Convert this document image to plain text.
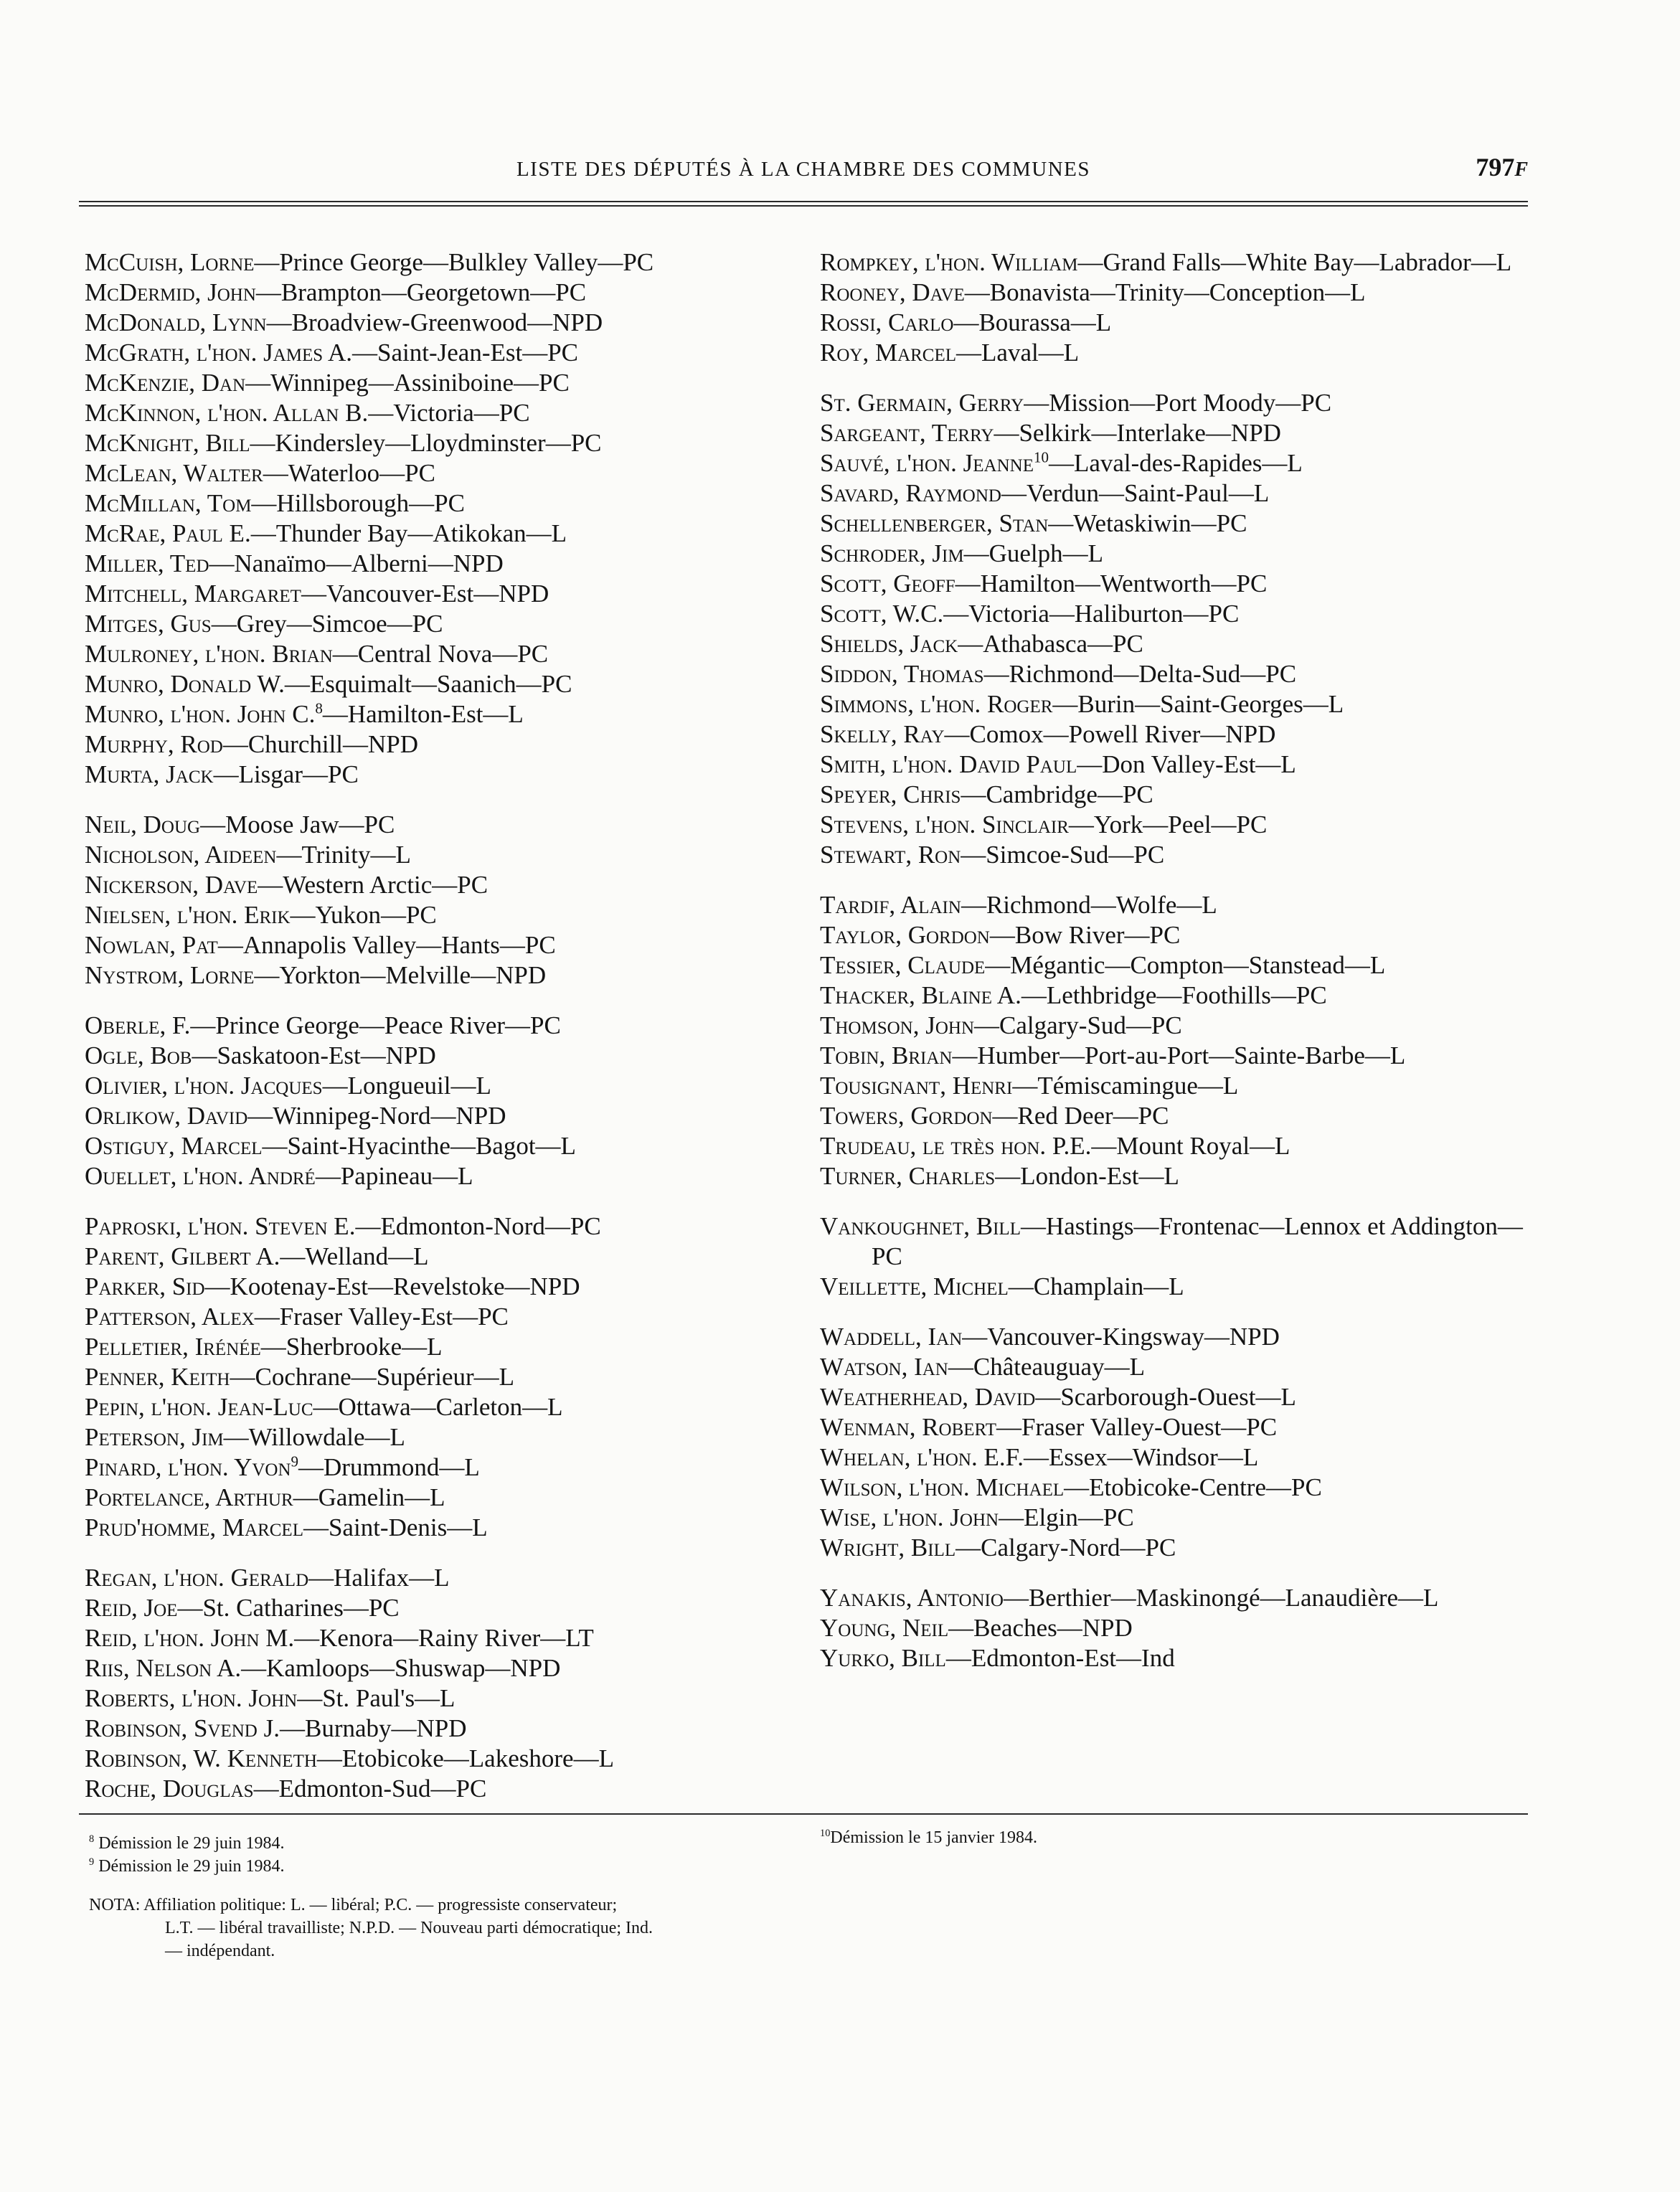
LISTE DES DÉPUTÉS À LA CHAMBRE DES COMMUNES	797F
McCuish, Lorne—Prince George—Bulkley Valley—PC
McDermid, John—Brampton—Georgetown—PC
McDonald, Lynn—Broadview-Greenwood—NPD
McGrath, l'hon. James A.—Saint-Jean-Est—PC
McKenzie, Dan—Winnipeg—Assiniboine—PC
McKinnon, l'hon. Allan B.—Victoria—PC
McKnight, Bill—Kindersley—Lloydminster—PC
McLean, Walter—Waterloo—PC
McMillan, Tom—Hillsborough—PC
McRae, Paul E.—Thunder Bay—Atikokan—L
Miller, Ted—Nanaïmo—Alberni—NPD
Mitchell, Margaret—Vancouver-Est—NPD
Mitges, Gus—Grey—Simcoe—PC
Mulroney, l'hon. Brian—Central Nova—PC
Munro, Donald W.—Esquimalt—Saanich—PC
Munro, l'hon. John C.$^8$—Hamilton-Est—L
Murphy, Rod—Churchill—NPD
Murta, Jack—Lisgar—PC
Neil, Doug—Moose Jaw—PC
Nicholson, Aideen—Trinity—L
Nickerson, Dave—Western Arctic—PC
Nielsen, l'hon. Erik—Yukon—PC
Nowlan, Pat—Annapolis Valley—Hants—PC
Nystrom, Lorne—Yorkton—Melville—NPD
Oberle, F.—Prince George—Peace River—PC
Ogle, Bob—Saskatoon-Est—NPD
Olivier, l'hon. Jacques—Longueuil—L
Orlikow, David—Winnipeg-Nord—NPD
Ostiguy, Marcel—Saint-Hyacinthe—Bagot—L
Ouellet, l'hon. André—Papineau—L
Paproski, l'hon. Steven E.—Edmonton-Nord—PC
Parent, Gilbert A.—Welland—L
Parker, Sid—Kootenay-Est—Revelstoke—NPD
Patterson, Alex—Fraser Valley-Est—PC
Pelletier, Irénée—Sherbrooke—L
Penner, Keith—Cochrane—Supérieur—L
Pepin, l'hon. Jean-Luc—Ottawa—Carleton—L
Peterson, Jim—Willowdale—L
Pinard, l'hon. Yvon$^9$—Drummond—L
Portelance, Arthur—Gamelin—L
Prud'homme, Marcel—Saint-Denis—L
Regan, l'hon. Gerald—Halifax—L
Reid, Joe—St. Catharines—PC
Reid, l'hon. John M.—Kenora—Rainy River—LT
Riis, Nelson A.—Kamloops—Shuswap—NPD
Roberts, l'hon. John—St. Paul's—L
Robinson, Svend J.—Burnaby—NPD
Robinson, W. Kenneth—Etobicoke—Lakeshore—L
Roche, Douglas—Edmonton-Sud—PC
Rompkey, l'hon. William—Grand Falls—White Bay—Labrador—L
Rooney, Dave—Bonavista—Trinity—Conception—L
Rossi, Carlo—Bourassa—L
Roy, Marcel—Laval—L
St. Germain, Gerry—Mission—Port Moody—PC
Sargeant, Terry—Selkirk—Interlake—NPD
Sauvé, l'hon. Jeanne$^{10}$—Laval-des-Rapides—L
Savard, Raymond—Verdun—Saint-Paul—L
Schellenberger, Stan—Wetaskiwin—PC
Schroder, Jim—Guelph—L
Scott, Geoff—Hamilton—Wentworth—PC
Scott, W.C.—Victoria—Haliburton—PC
Shields, Jack—Athabasca—PC
Siddon, Thomas—Richmond—Delta-Sud—PC
Simmons, l'hon. Roger—Burin—Saint-Georges—L
Skelly, Ray—Comox—Powell River—NPD
Smith, l'hon. David Paul—Don Valley-Est—L
Speyer, Chris—Cambridge—PC
Stevens, l'hon. Sinclair—York—Peel—PC
Stewart, Ron—Simcoe-Sud—PC
Tardif, Alain—Richmond—Wolfe—L
Taylor, Gordon—Bow River—PC
Tessier, Claude—Mégantic—Compton—Stanstead—L
Thacker, Blaine A.—Lethbridge—Foothills—PC
Thomson, John—Calgary-Sud—PC
Tobin, Brian—Humber—Port-au-Port—Sainte-Barbe—L
Tousignant, Henri—Témiscamingue—L
Towers, Gordon—Red Deer—PC
Trudeau, le très hon. P.E.—Mount Royal—L
Turner, Charles—London-Est—L
Vankoughnet, Bill—Hastings—Frontenac—Lennox et Addington—PC
Veillette, Michel—Champlain—L
Waddell, Ian—Vancouver-Kingsway—NPD
Watson, Ian—Châteauguay—L
Weatherhead, David—Scarborough-Ouest—L
Wenman, Robert—Fraser Valley-Ouest—PC
Whelan, l'hon. E.F.—Essex—Windsor—L
Wilson, l'hon. Michael—Etobicoke-Centre—PC
Wise, l'hon. John—Elgin—PC
Wright, Bill—Calgary-Nord—PC
Yanakis, Antonio—Berthier—Maskinongé—Lanaudière—L
Young, Neil—Beaches—NPD
Yurko, Bill—Edmonton-Est—Ind
$^8$ Démission le 29 juin 1984.
$^9$ Démission le 29 juin 1984.
$^{10}$Démission le 15 janvier 1984.
NOTA: Affiliation politique: L. — libéral; P.C. — progressiste conservateur;
L.T. — libéral travailliste; N.P.D. — Nouveau parti démocratique; Ind.
— indépendant.
